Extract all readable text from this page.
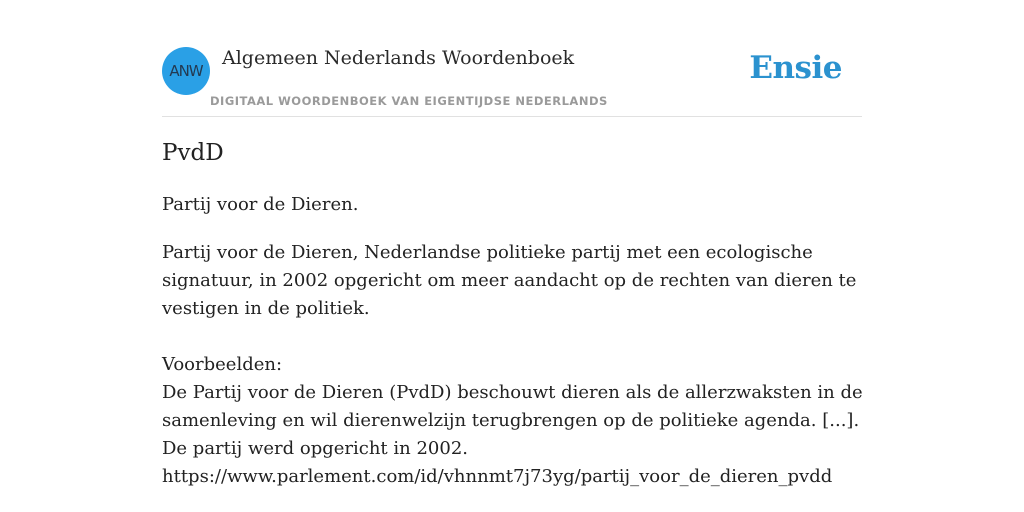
ANW
Algemeen Nederlands Woordenboek
DIGITAAL WOORDENBOEK VAN EIGENTIJDSE NEDERLANDS
Ensie
PvdD
Partij voor de Dieren.

Partij voor de Dieren, Nederlandse politieke partij met een ecologische signatuur, in 2002 opgericht om meer aandacht op de rechten van dieren te vestigen in de politiek.

Voorbeelden:

De Partij voor de Dieren (PvdD) beschouwt dieren als de allerzwaksten in de samenleving en wil dierenwelzijn terugbrengen op de politieke agenda. [...]. De partij werd opgericht in 2002.

https://www.parlement.com/id/vhnnmt7j73yg/partij_voor_de_dieren_pvdd
